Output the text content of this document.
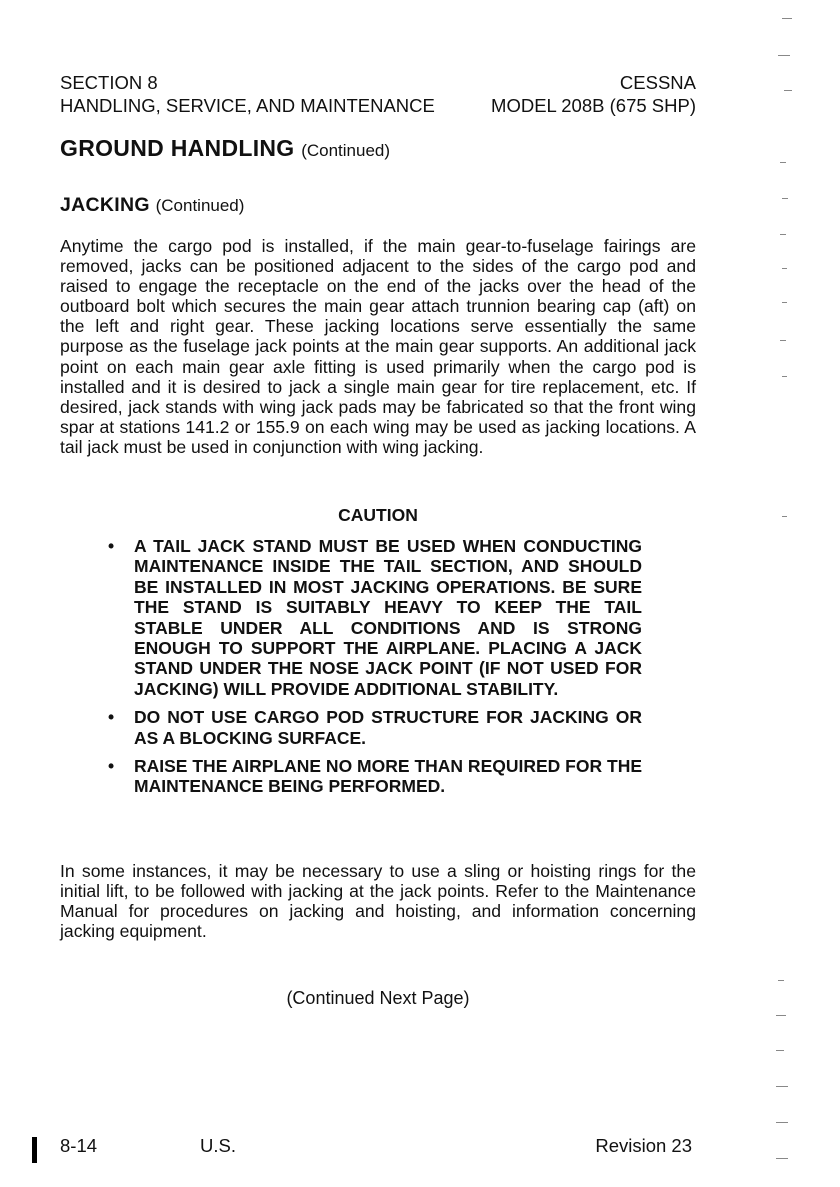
SECTION 8	CESSNA
HANDLING, SERVICE, AND MAINTENANCE	MODEL 208B (675 SHP)
GROUND HANDLING (Continued)
JACKING (Continued)

Anytime the cargo pod is installed, if the main gear-to-fuselage fairings are removed, jacks can be positioned adjacent to the sides of the cargo pod and raised to engage the receptacle on the end of the jacks over the head of the outboard bolt which secures the main gear attach trunnion bearing cap (aft) on the left and right gear. These jacking locations serve essentially the same purpose as the fuselage jack points at the main gear supports. An additional jack point on each main gear axle fitting is used primarily when the cargo pod is installed and it is desired to jack a single main gear for tire replacement, etc. If desired, jack stands with wing jack pads may be fabricated so that the front wing spar at stations 141.2 or 155.9 on each wing may be used as jacking locations. A tail jack must be used in conjunction with wing jacking.

CAUTION
• A TAIL JACK STAND MUST BE USED WHEN CONDUCTING MAINTENANCE INSIDE THE TAIL SECTION, AND SHOULD BE INSTALLED IN MOST JACKING OPERATIONS. BE SURE THE STAND IS SUITABLY HEAVY TO KEEP THE TAIL STABLE UNDER ALL CONDITIONS AND IS STRONG ENOUGH TO SUPPORT THE AIRPLANE. PLACING A JACK STAND UNDER THE NOSE JACK POINT (IF NOT USED FOR JACKING) WILL PROVIDE ADDITIONAL STABILITY.
• DO NOT USE CARGO POD STRUCTURE FOR JACKING OR AS A BLOCKING SURFACE.
• RAISE THE AIRPLANE NO MORE THAN REQUIRED FOR THE MAINTENANCE BEING PERFORMED.

In some instances, it may be necessary to use a sling or hoisting rings for the initial lift, to be followed with jacking at the jack points. Refer to the Maintenance Manual for procedures on jacking and hoisting, and information concerning jacking equipment.

(Continued Next Page)
8-14	U.S.	Revision 23
